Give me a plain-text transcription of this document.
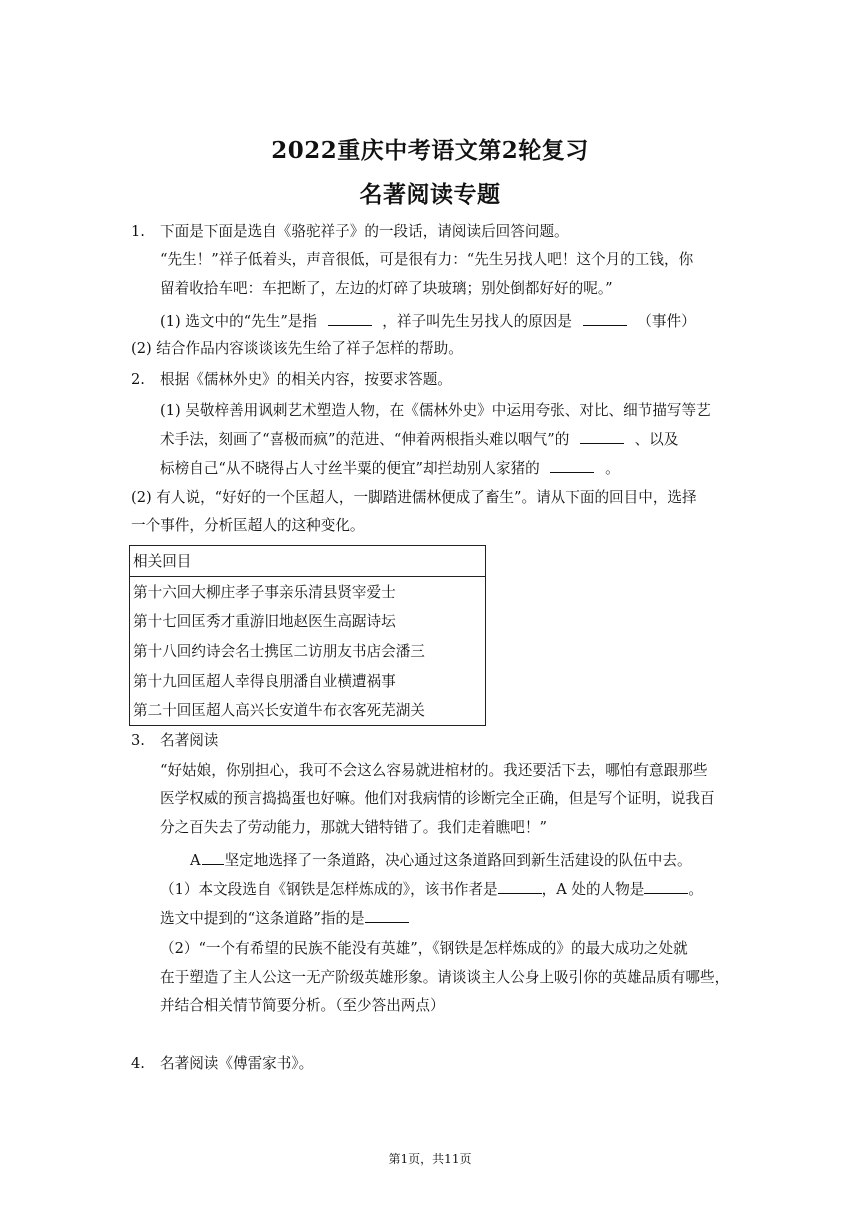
2022重庆中考语文第2轮复习
名著阅读专题
1. 下面是下面是选自《骆驼祥子》的一段话，请阅读后回答问题。
“先生！”祥子低着头，声音很低，可是很有力：“先生另找人吧！这个月的工钱，你
留着收拾车吧：车把断了，左边的灯碎了块玻璃；别处倒都好好的呢。”
(1) 选文中的“先生”是指	，祥子叫先生另找人的原因是	（事件）
(2) 结合作品内容谈谈该先生给了祥子怎样的帮助。
2. 根据《儒林外史》的相关内容，按要求答题。
(1) 吴敬梓善用讽刺艺术塑造人物，在《儒林外史》中运用夸张、对比、细节描写等艺
术手法，刻画了“喜极而疯”的范进、“伸着两根指头难以咽气”的	、以及
标榜自己“从不晓得占人寸丝半粟的便宜”却拦劫别人家猪的	。
(2) 有人说，“好好的一个匡超人，一脚踏进儒林便成了畜生”。请从下面的回目中，选择
一个事件，分析匡超人的这种变化。
相关回目
第十六回大柳庄孝子事亲乐清县贤宰爱士
第十七回匡秀才重游旧地赵医生高踞诗坛
第十八回约诗会名士携匡二访朋友书店会潘三
第十九回匡超人幸得良朋潘自业横遭祸事
第二十回匡超人高兴长安道牛布衣客死芜湖关
3. 名著阅读
“好姑娘，你别担心，我可不会这么容易就进棺材的。我还要活下去，哪怕有意跟那些
医学权威的预言捣捣蛋也好嘛。他们对我病情的诊断完全正确，但是写个证明，说我百
分之百失去了劳动能力，那就大错特错了。我们走着瞧吧！”
A 坚定地选择了一条道路，决心通过这条道路回到新生活建设的队伍中去。
（1）本文段选自《钢铁是怎样炼成的》，该书作者是	，A 处的人物是	。
选文中提到的“这条道路”指的是
（2）“一个有希望的民族不能没有英雄”，《钢铁是怎样炼成的》的最大成功之处就
在于塑造了主人公这一无产阶级英雄形象。请谈谈主人公身上吸引你的英雄品质有哪些，
并结合相关情节简要分析。（至少答出两点）
4. 名著阅读《傅雷家书》。
第1页，共11页
